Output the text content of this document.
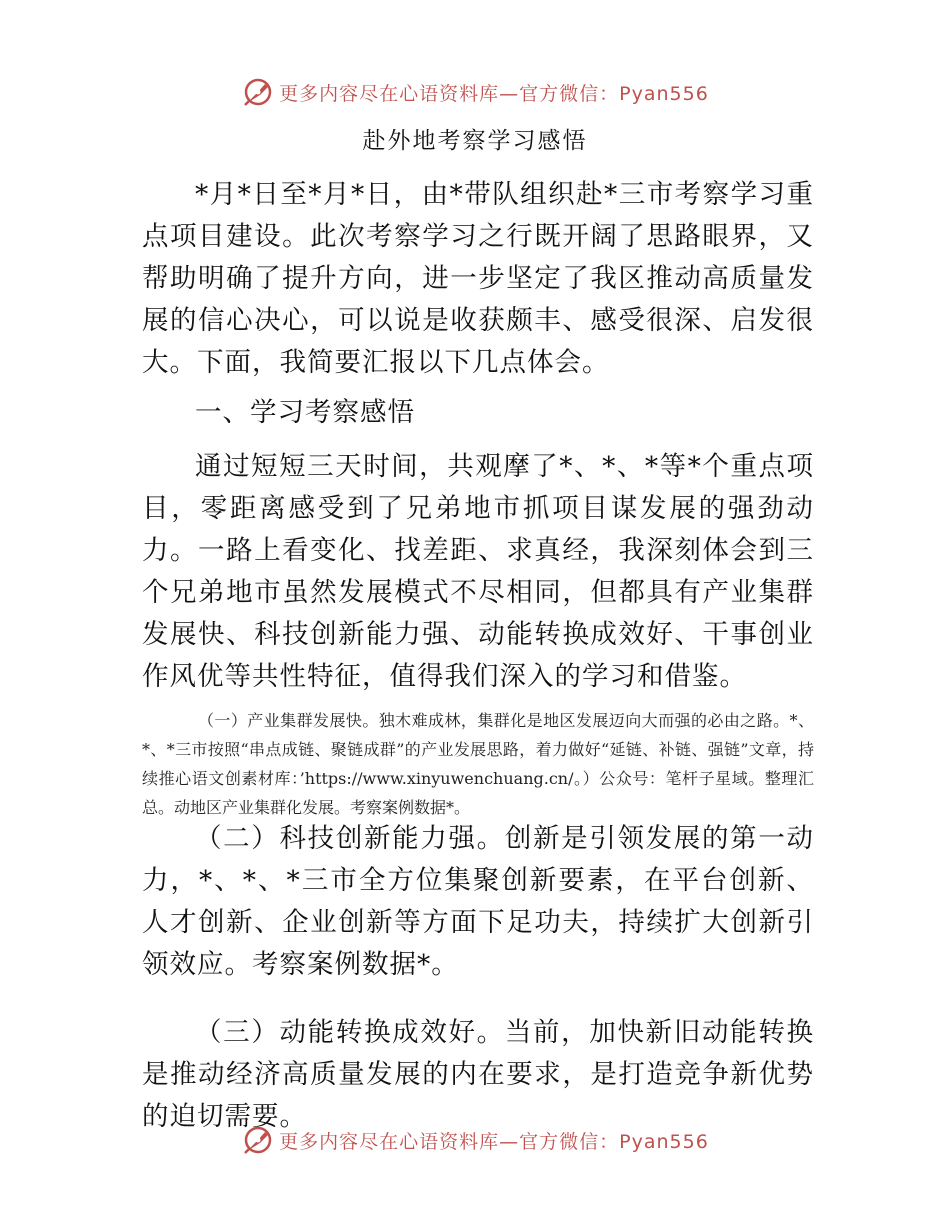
更多内容尽在心语资料库—官方微信：Pyan556
赴外地考察学习感悟

*月*日至*月*日，由*带队组织赴*三市考察学习重点项目建设。此次考察学习之行既开阔了思路眼界，又帮助明确了提升方向，进一步坚定了我区推动高质量发展的信心决心，可以说是收获颇丰、感受很深、启发很大。下面，我简要汇报以下几点体会。

一、学习考察感悟

通过短短三天时间，共观摩了*、*、*等*个重点项目，零距离感受到了兄弟地市抓项目谋发展的强劲动力。一路上看变化、找差距、求真经，我深刻体会到三个兄弟地市虽然发展模式不尽相同，但都具有产业集群发展快、科技创新能力强、动能转换成效好、干事创业作风优等共性特征，值得我们深入的学习和借鉴。

（一）产业集群发展快。独木难成林，集群化是地区发展迈向大而强的必由之路。*、*、*三市按照“串点成链、聚链成群”的产业发展思路，着力做好“延链、补链、强链”文章，持续推心语文创素材库：’https://www.xinyuwenchuang.cn/。）公众号：笔杆子星域。整理汇总。动地区产业集群化发展。考察案例数据*。

（二）科技创新能力强。创新是引领发展的第一动力，*、*、*三市全方位集聚创新要素，在平台创新、人才创新、企业创新等方面下足功夫，持续扩大创新引领效应。考察案例数据*。

（三）动能转换成效好。当前，加快新旧动能转换是推动经济高质量发展的内在要求，是打造竞争新优势的迫切需要。

更多内容尽在心语资料库—官方微信：Pyan556
